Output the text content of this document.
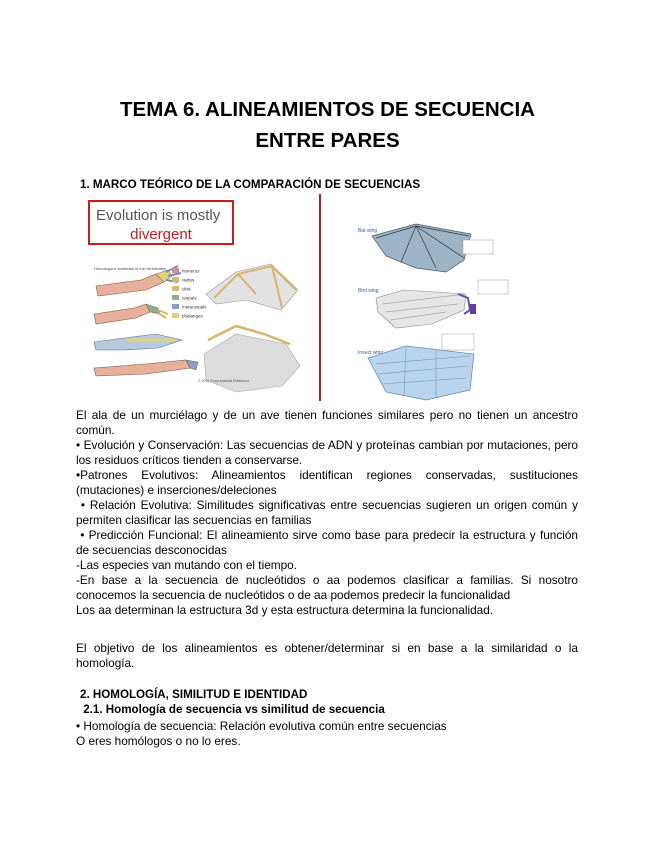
TEMA 6. ALINEAMIENTOS DE SECUENCIA
ENTRE PARES
1. MARCO TEÓRICO DE LA COMPARACIÓN DE SECUENCIAS
Evolution is mostly
divergent
Homologous forelimbs of the vertebrates	humerus
radius
ulna
carpals
metacarpals
phalanges
© 2012 Encyclopædia Britannica
Bat wing
Bird wing
Insect wing

El ala de un murciélago y de un ave tienen funciones similares pero no tienen un ancestro

común.

• Evolución y Conservación: Las secuencias de ADN y proteínas cambian por mutaciones, pero

los residuos críticos tienden a conservarse.

•Patrones Evolutivos: Alineamientos identifican regiones conservadas, sustituciones

(mutaciones) e inserciones/deleciones

• Relación Evolutiva: Similitudes significativas entre secuencias sugieren un origen común y

permiten clasificar las secuencias en familias

• Predicción Funcional: El alineamiento sirve como base para predecir la estructura y función

de secuencias desconocidas

-Las especies van mutando con el tiempo.

-En base a la secuencia de nucleótidos o aa podemos clasificar a familias. Si nosotro

conocemos la secuencia de nucleótidos o de aa podemos predecir la funcionalidad

Los aa determinan la estructura 3d y esta estructura determina la funcionalidad.

El objetivo de los alineamientos es obtener/determinar si en base a la similaridad o la

homología.

2. HOMOLOGÍA, SIMILITUD E IDENTIDAD
2.1. Homología de secuencia vs similitud de secuencia

• Homología de secuencia: Relación evolutiva común entre secuencias

O eres homólogos o no lo eres.
